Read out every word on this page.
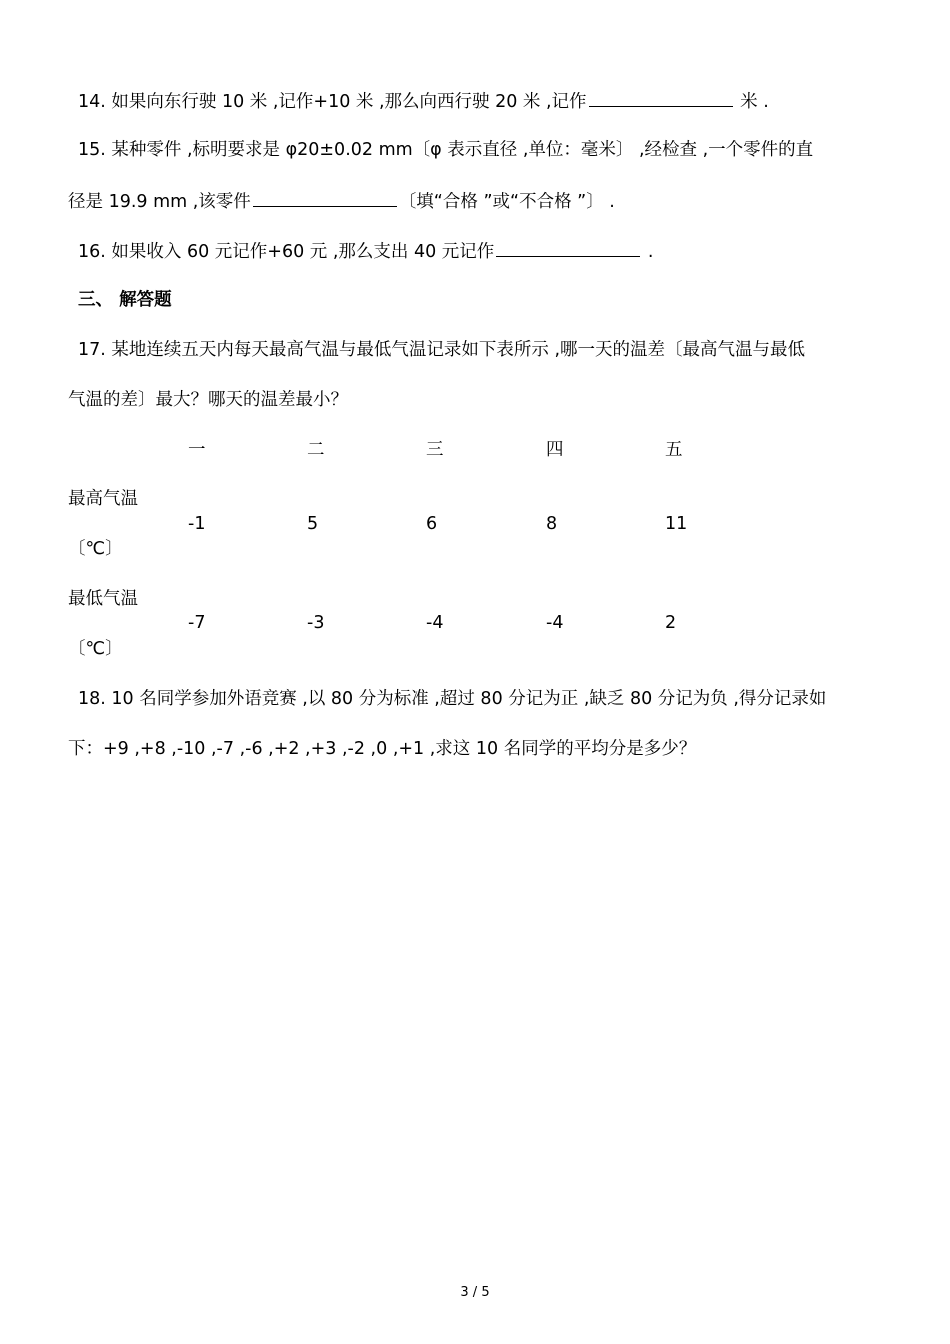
14. 如果向东行驶 10 米 ,记作+10 米 ,那么向西行驶 20 米 ,记作	米 .
15. 某种零件 ,标明要求是 φ20±0.02 mm〔φ 表示直径 ,单位：毫米〕 ,经检查 ,一个零件的直
径是 19.9 mm ,该零件	〔填“合格 ”或“不合格 ”〕 .
16. 如果收入 60 元记作+60 元 ,那么支出 40 元记作	.
三、 解答题
17. 某地连续五天内每天最高气温与最低气温记录如下表所示 ,哪一天的温差〔最高气温与最低
气温的差〕最大？哪天的温差最小？
一	二	三	四	五
最高气温
〔℃〕
-1	5	6	8	11
最低气温
〔℃〕
-7	-3	-4	-4	2
18. 10 名同学参加外语竞赛 ,以 80 分为标准 ,超过 80 分记为正 ,缺乏 80 分记为负 ,得分记录如
下：+9 ,+8 ,-10 ,-7 ,-6 ,+2 ,+3 ,-2 ,0 ,+1 ,求这 10 名同学的平均分是多少？
3 / 5
